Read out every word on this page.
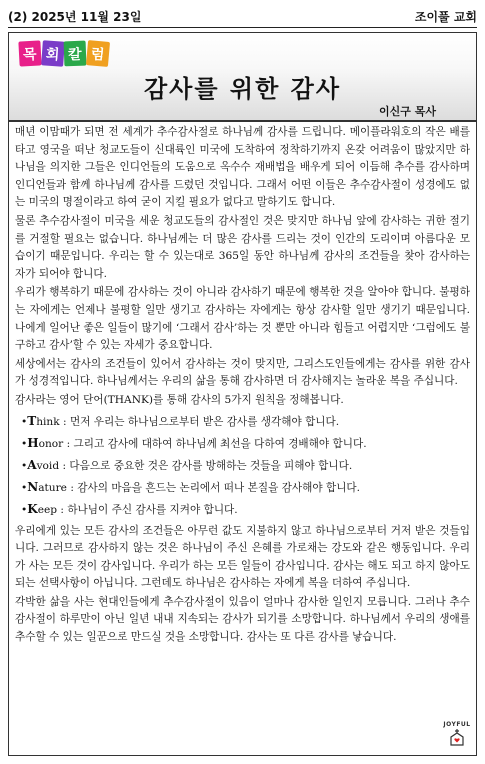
(2) 2025년 11월 23일	조이풀 교회
목 회 칼 럼
감사를 위한 감사
이신구 목사

매년 이맘때가 되면 전 세계가 추수감사절로 하나님께 감사를 드립니다. 메이플라워호의 작은 배를 타고 영국을 떠난 청교도들이 신대륙인 미국에 도착하여 정착하기까지 온갖 어려움이 많았지만 하나님을 의지한 그들은 인디언들의 도움으로 옥수수 재배법을 배우게 되어 이듬해 추수를 감사하며 인디언들과 함께 하나님께 감사를 드렸던 것입니다. 그래서 어떤 이들은 추수감사절이 성경에도 없는 미국의 명절이라고 하여 굳이 지킬 필요가 없다고 말하기도 합니다.

물론 추수감사절이 미국을 세운 청교도들의 감사절인 것은 맞지만 하나님 앞에 감사하는 귀한 절기를 거절할 필요는 없습니다. 하나님께는 더 많은 감사를 드리는 것이 인간의 도리이며 아름다운 모습이기 때문입니다. 우리는 할 수 있는대로 365일 동안 하나님께 감사의 조건들을 찾아 감사하는 자가 되어야 합니다.

우리가 행복하기 때문에 감사하는 것이 아니라 감사하기 때문에 행복한 것을 알아야 합니다. 불평하는 자에게는 언제나 불평할 일만 생기고 감사하는 자에게는 항상 감사할 일만 생기기 때문입니다. 나에게 일어난 좋은 일들이 많기에 ‘그래서 감사’하는 것 뿐만 아니라 힘들고 어렵지만 ‘그럼에도 불구하고 감사’할 수 있는 자세가 중요합니다.

세상에서는 감사의 조건들이 있어서 감사하는 것이 맞지만, 그리스도인들에게는 감사를 위한 감사가 성경적입니다. 하나님께서는 우리의 삶을 통해 감사하면 더 감사해지는 놀라운 복을 주십니다.

감사라는 영어 단어(THANK)를 통해 감사의 5가지 원칙을 정해봅니다.

•Think : 먼저 우리는 하나님으로부터 받은 감사를 생각해야 합니다.
•Honor : 그리고 감사에 대하여 하나님께 최선을 다하여 경배해야 합니다.
•Avoid : 다음으로 중요한 것은 감사를 방해하는 것들을 피해야 합니다.
•Nature : 감사의 마음을 흔드는 논리에서 떠나 본질을 감사해야 합니다.
•Keep : 하나님이 주신 감사를 지켜야 합니다.

우리에게 있는 모든 감사의 조건들은 아무런 값도 지불하지 않고 하나님으로부터 거저 받은 것들입니다. 그러므로 감사하지 않는 것은 하나님이 주신 은혜를 가로채는 강도와 같은 행동입니다. 우리가 사는 모든 것이 감사입니다. 우리가 하는 모든 일들이 감사입니다. 감사는 해도 되고 하지 않아도 되는 선택사항이 아닙니다. 그런데도 하나님은 감사하는 자에게 복을 더하여 주십니다.

각박한 삶을 사는 현대인들에게 추수감사절이 있음이 얼마나 감사한 일인지 모릅니다. 그러나 추수감사절이 하루만이 아닌 일년 내내 지속되는 감사가 되기를 소망합니다. 하나님께서 우리의 생애를 추수할 수 있는 일꾼으로 만드실 것을 소망합니다. 감사는 또 다른 감사를 낳습니다.

JOYFUL
